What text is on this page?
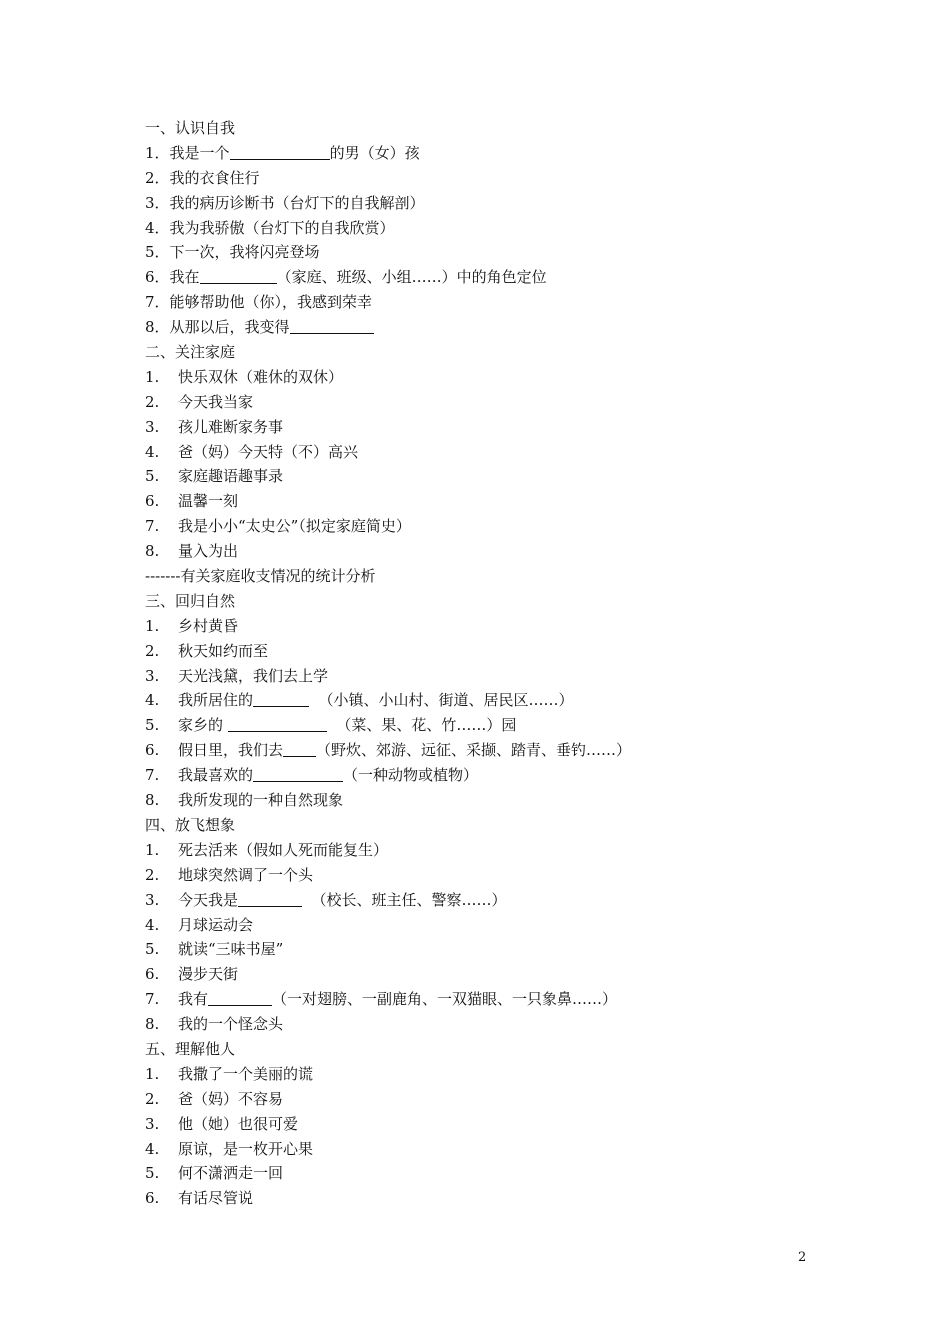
一、认识自我
1．我是一个	的男（女）孩
2．我的衣食住行
3．我的病历诊断书（台灯下的自我解剖）
4．我为我骄傲（台灯下的自我欣赏）
5．下一次，我将闪亮登场
6．我在	（家庭、班级、小组……）中的角色定位
7．能够帮助他（你），我感到荣幸
8．从那以后，我变得
二、关注家庭
1. 快乐双休（难休的双休）
2. 今天我当家
3. 孩儿难断家务事
4. 爸（妈）今天特（不）高兴
5. 家庭趣语趣事录
6. 温馨一刻
7. 我是小小“太史公”（拟定家庭简史）
8. 量入为出
-------有关家庭收支情况的统计分析
三、回归自然
1. 乡村黄昏
2. 秋天如约而至
3. 天光浅黛，我们去上学
4. 我所居住的	（小镇、小山村、街道、居民区……）
5. 家乡的	（菜、果、花、竹……）园
6. 假日里，我们去 （野炊、郊游、远征、采撷、踏青、垂钓……）
7. 我最喜欢的	（一种动物或植物）
8. 我所发现的一种自然现象
四、放飞想象
1. 死去活来（假如人死而能复生）
2. 地球突然调了一个头
3. 今天我是	（校长、班主任、警察……）
4. 月球运动会
5. 就读“三味书屋”
6. 漫步天街
7. 我有	（一对翅膀、一副鹿角、一双猫眼、一只象鼻……）
8. 我的一个怪念头
五、理解他人
1. 我撒了一个美丽的谎
2. 爸（妈）不容易
3. 他（她）也很可爱
4. 原谅，是一枚开心果
5. 何不潇洒走一回
6. 有话尽管说
2
